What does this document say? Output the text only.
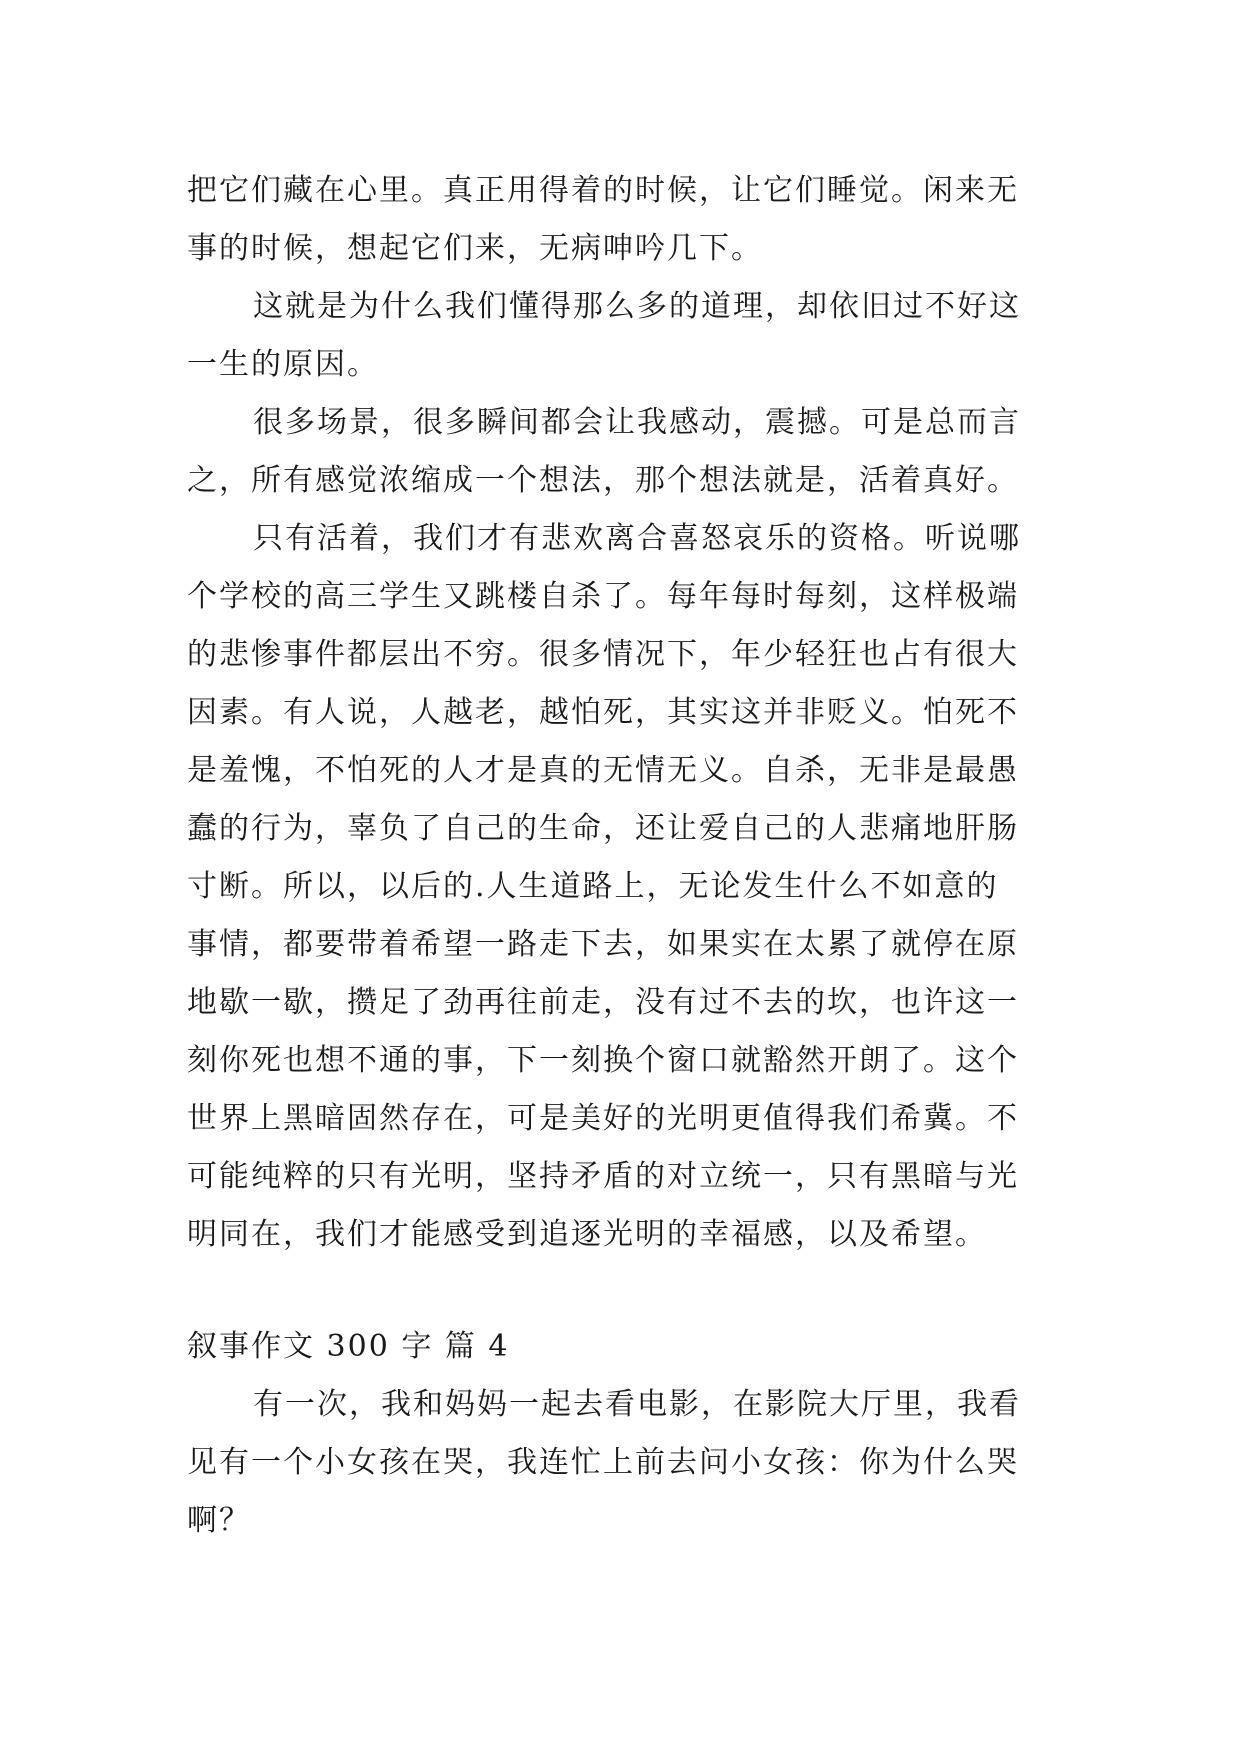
把它们藏在心里。真正用得着的时候，让它们睡觉。闲来无

事的时候，想起它们来，无病呻吟几下。

这就是为什么我们懂得那么多的道理，却依旧过不好这

一生的原因。

很多场景，很多瞬间都会让我感动，震撼。可是总而言

之，所有感觉浓缩成一个想法，那个想法就是，活着真好。

只有活着，我们才有悲欢离合喜怒哀乐的资格。听说哪

个学校的高三学生又跳楼自杀了。每年每时每刻，这样极端

的悲惨事件都层出不穷。很多情况下，年少轻狂也占有很大

因素。有人说，人越老，越怕死，其实这并非贬义。怕死不

是羞愧，不怕死的人才是真的无情无义。自杀，无非是最愚

蠢的行为，辜负了自己的生命，还让爱自己的人悲痛地肝肠

寸断。所以，以后的.人生道路上，无论发生什么不如意的

事情，都要带着希望一路走下去，如果实在太累了就停在原

地歇一歇，攒足了劲再往前走，没有过不去的坎，也许这一

刻你死也想不通的事，下一刻换个窗口就豁然开朗了。这个

世界上黑暗固然存在，可是美好的光明更值得我们希冀。不

可能纯粹的只有光明，坚持矛盾的对立统一，只有黑暗与光

明同在，我们才能感受到追逐光明的幸福感，以及希望。

叙事作文 300 字 篇 4

有一次，我和妈妈一起去看电影，在影院大厅里，我看

见有一个小女孩在哭，我连忙上前去问小女孩：你为什么哭

啊？
